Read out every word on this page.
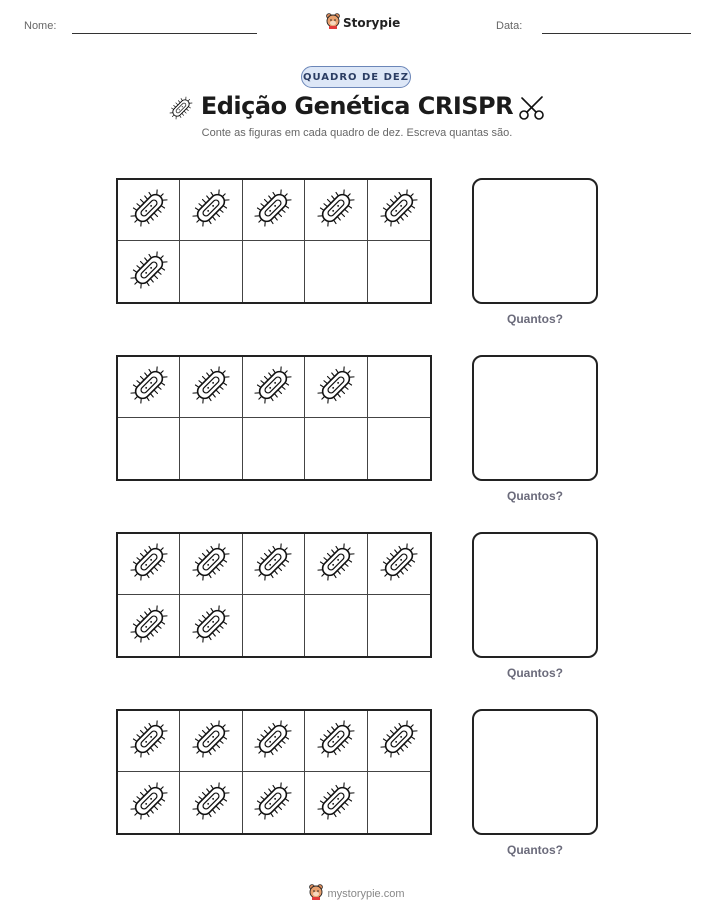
Nome:	Storypie	Data:
QUADRO DE DEZ
Edição Genética CRISPR
Conte as figuras em cada quadro de dez. Escreva quantas são.
Quantos?
Quantos?
Quantos?
Quantos?
mystorypie.com
